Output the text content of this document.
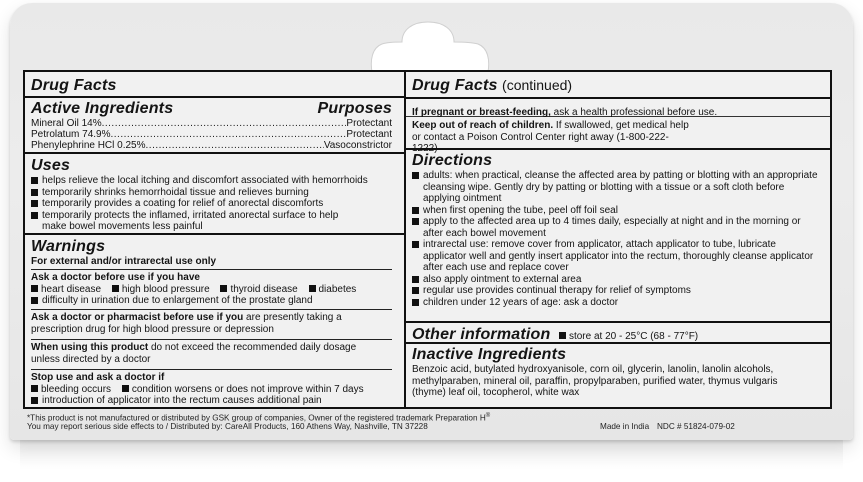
Drug Facts
Active Ingredients	Purposes
Mineral Oil 14% .....	Protectant
Petrolatum 74.9% .....	Protectant
Phenylephrine HCl 0.25% .....	Vasoconstrictor
Uses
helps relieve the local itching and discomfort associated with hemorrhoids
temporarily shrinks hemorrhoidal tissue and relieves burning
temporarily provides a coating for relief of anorectal discomforts
temporarily protects the inflamed, irritated anorectal surface to help make bowel movements less painful
Warnings
For external and/or intrarectal use only
Ask a doctor before use if you have
heart disease high blood pressure thyroid disease diabetes
difficulty in urination due to enlargement of the prostate gland
Ask a doctor or pharmacist before use if you are presently taking a prescription drug for high blood pressure or depression
When using this product do not exceed the recommended daily dosage unless directed by a doctor
Stop use and ask a doctor if
bleeding occurs condition worsens or does not improve within 7 days
introduction of applicator into the rectum causes additional pain
Drug Facts (continued)
If pregnant or breast-feeding, ask a health professional before use.
Keep out of reach of children. If swallowed, get medical help or contact a Poison Control Center right away (1-800-222-1222)
Directions
adults: when practical, cleanse the affected area by patting or blotting with an appropriate cleansing wipe. Gently dry by patting or blotting with a tissue or a soft cloth before applying ointment
when first opening the tube, peel off foil seal
apply to the affected area up to 4 times daily, especially at night and in the morning or after each bowel movement
intrarectal use: remove cover from applicator, attach applicator to tube, lubricate applicator well and gently insert applicator into the rectum, thoroughly cleanse applicator after each use and replace cover
also apply ointment to external area
regular use provides continual therapy for relief of symptoms
children under 12 years of age: ask a doctor
Other information store at 20 - 25°C (68 - 77°F)
Inactive Ingredients
Benzoic acid, butylated hydroxyanisole, corn oil, glycerin, lanolin, lanolin alcohols, methylparaben, mineral oil, paraffin, propylparaben, purified water, thymus vulgaris (thyme) leaf oil, tocopherol, white wax
*This product is not manufactured or distributed by GSK group of companies, Owner of the registered trademark Preparation H®
You may report serious side effects to / Distributed by: CareAll Products, 160 Athens Way, Nashville, TN 37228	Made in India NDC # 51824-079-02
